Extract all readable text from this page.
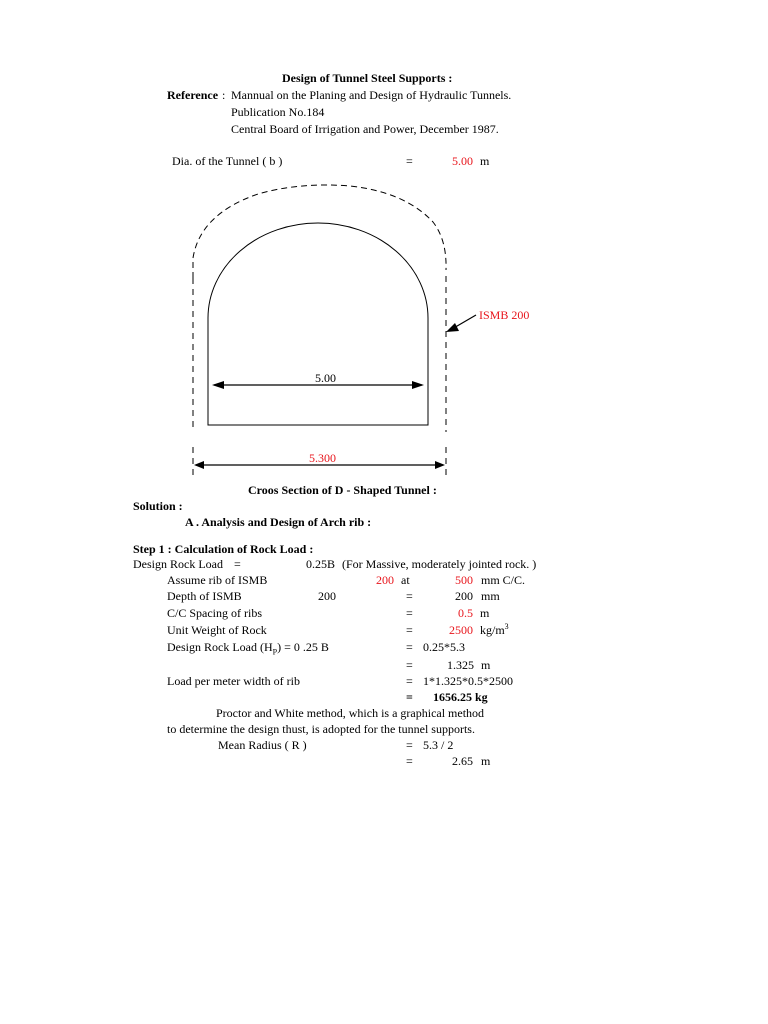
Design of Tunnel Steel Supports :
Reference : Mannual on the Planing and Design of Hydraulic Tunnels.
Publication No.184
Central Board of Irrigation and Power, December 1987.
Dia. of the Tunnel ( b )	=	5.00 m
5.00
5.300
ISMB 200
Croos Section of D - Shaped Tunnel :
Solution :
A . Analysis and Design of Arch rib :
Step 1 : Calculation of Rock Load :
Design Rock Load =	0.25B (For Massive, moderately jointed rock. )
Assume rib of ISMB	200 at	500 mm C/C.
Depth of ISMB	200	=	200 mm
C/C Spacing of ribs	=	0.5 m
Unit Weight of Rock	=	2500 $kg/m^3$
Design Rock Load $(H_P) = 0$ .25 B	= 0.25*5.3
=	1.325 m
Load per meter width of rib	= 1*1.325*0.5*2500
= 1656.25 kg
Proctor and White method, which is a graphical method
to determine the design thust, is adopted for the tunnel supports.
Mean Radius ( R )	= 5.3 / 2
=	2.65 m
